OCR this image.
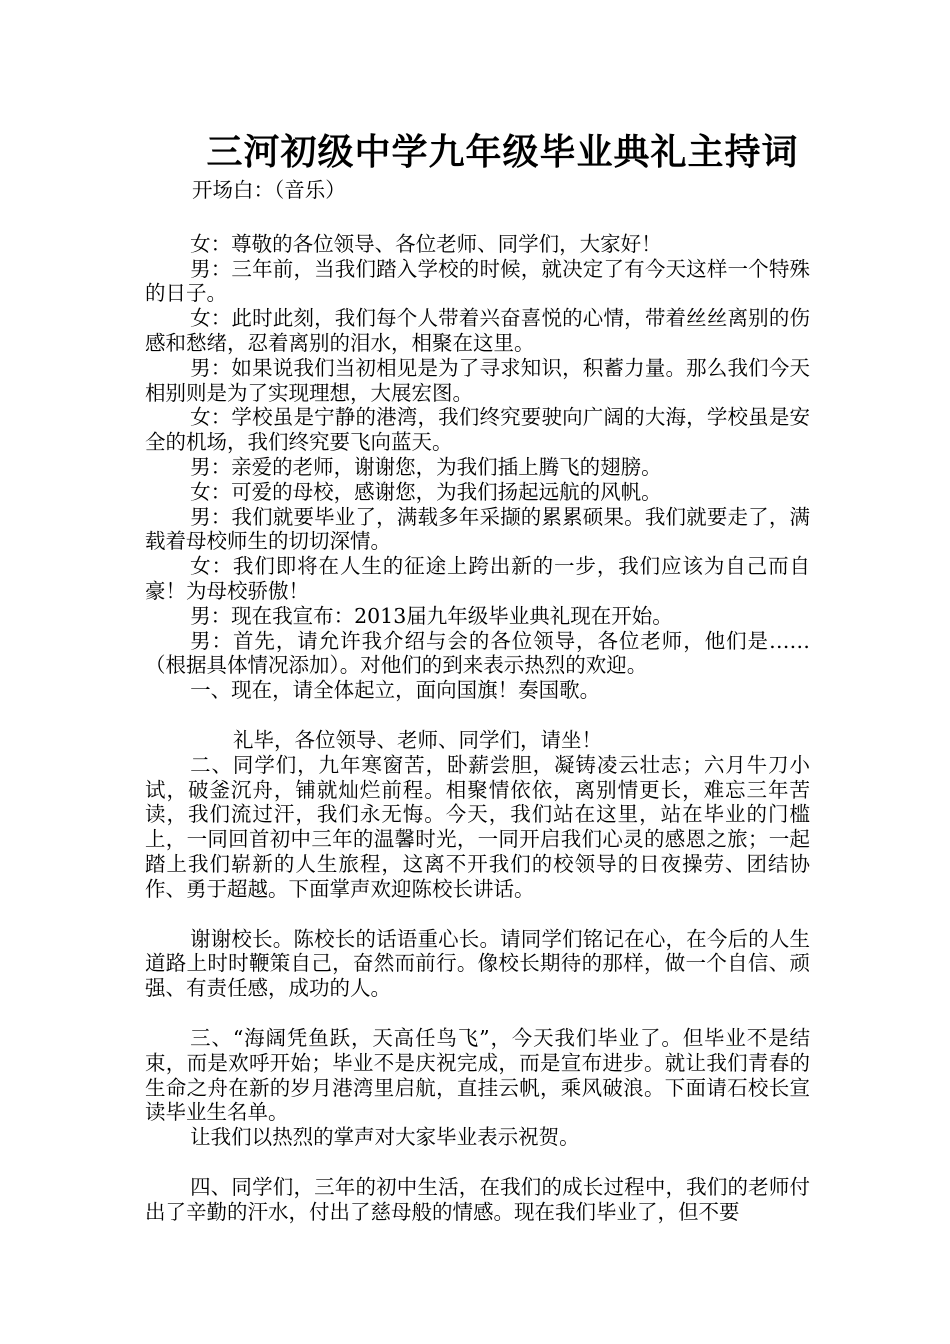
三河初级中学九年级毕业典礼主持词

开场白：（音乐）

女：尊敬的各位领导、各位老师、同学们，大家好！

男：三年前，当我们踏入学校的时候，就决定了有今天这样一个特殊的日子。

女：此时此刻，我们每个人带着兴奋喜悦的心情，带着丝丝离别的伤感和愁绪，忍着离别的泪水，相聚在这里。

男：如果说我们当初相见是为了寻求知识，积蓄力量。那么我们今天相别则是为了实现理想，大展宏图。

女：学校虽是宁静的港湾，我们终究要驶向广阔的大海，学校虽是安全的机场，我们终究要飞向蓝天。

男：亲爱的老师，谢谢您，为我们插上腾飞的翅膀。

女：可爱的母校，感谢您，为我们扬起远航的风帆。

男：我们就要毕业了，满载多年采撷的累累硕果。我们就要走了，满载着母校师生的切切深情。

女：我们即将在人生的征途上跨出新的一步，我们应该为自己而自豪！为母校骄傲！

男：现在我宣布：2013届九年级毕业典礼现在开始。

男：首先，请允许我介绍与会的各位领导，各位老师，他们是……（根据具体情况添加）。对他们的到来表示热烈的欢迎。

一、现在，请全体起立，面向国旗！奏国歌。

礼毕，各位领导、老师、同学们，请坐！

二、同学们，九年寒窗苦，卧薪尝胆，凝铸凌云壮志；六月牛刀小试，破釜沉舟，铺就灿烂前程。相聚情依依，离别情更长，难忘三年苦读，我们流过汗，我们永无悔。今天，我们站在这里，站在毕业的门槛上，一同回首初中三年的温馨时光，一同开启我们心灵的感恩之旅；一起踏上我们崭新的人生旅程，这离不开我们的校领导的日夜操劳、团结协作、勇于超越。下面掌声欢迎陈校长讲话。

谢谢校长。陈校长的话语重心长。请同学们铭记在心，在今后的人生道路上时时鞭策自己，奋然而前行。像校长期待的那样，做一个自信、顽强、有责任感，成功的人。

三、“海阔凭鱼跃，天高任鸟飞”，今天我们毕业了。但毕业不是结束，而是欢呼开始；毕业不是庆祝完成，而是宣布进步。就让我们青春的生命之舟在新的岁月港湾里启航，直挂云帆，乘风破浪。下面请石校长宣读毕业生名单。

让我们以热烈的掌声对大家毕业表示祝贺。

四、同学们，三年的初中生活，在我们的成长过程中，我们的老师付出了辛勤的汗水，付出了慈母般的情感。现在我们毕业了，但不要
